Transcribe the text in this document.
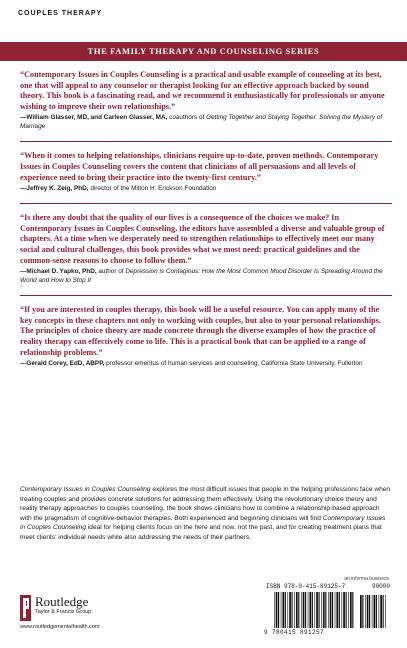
COUPLES THERAPY
THE FAMILY THERAPY AND COUNSELING SERIES

“Contemporary Issues in Couples Counseling is a practical and usable example of counseling at its best, one that will appeal to any counselor or therapist looking for an effective approach backed by sound theory. This book is a fascinating read, and we recommend it enthusiastically for professionals or anyone wishing to improve their own relationships.”

—William Glasser, MD, and Carleen Glasser, MA, coauthors of Getting Together and Staying Together: Solving the Mystery of Marriage

“When it comes to helping relationships, clinicians require up-to-date, proven methods. Contemporary Issues in Couples Counseling covers the content that clinicians of all persuasions and all levels of experience need to bring their practice into the twenty-first century.”

—Jeffrey K. Zeig, PhD, director of the Milton H. Erickson Foundation

“Is there any doubt that the quality of our lives is a consequence of the choices we make? In Contemporary Issues in Couples Counseling, the editors have assembled a diverse and valuable group of chapters. At a time when we desperately need to strengthen relationships to effectively meet our many social and cultural challenges, this book provides what we most need: practical guidelines and the common-sense reasons to choose to follow them.”

—Michael D. Yapko, PhD, author of Depression is Contagious: How the Most Common Mood Disorder Is Spreading Around the World and How to Stop It

“If you are interested in couples therapy, this book will be a useful resource. You can apply many of the key concepts in these chapters not only to working with couples, but also to your personal relationships. The principles of choice theory are made concrete through the diverse examples of how the practice of reality therapy can effectively come to life. This is a practical book that can be applied to a range of relationship problems.”

—Gerald Corey, EdD, ABPP, professor emeritus of human services and counseling, California State University, Fullerton
Contemporary Issues in Couples Counseling explores the most difficult issues that people in the helping professions face when treating couples and provides concrete solutions for addressing them effectively. Using the revolutionary choice theory and reality therapy approaches to couples counseling, the book shows clinicians how to combine a relationship-based approach with the pragmatism of cognitive-behavior therapies. Both experienced and beginning clinicians will find Contemporary Issues in Couples Counseling ideal for helping clients focus on the here and now, not the past, and for creating treatment plans that meet clients’ individual needs while also addressing the needs of their partners.
an informa business
Routledge
Taylor & Francis Group
www.routledgementalhealth.com
ISBN 978-0-415-89125-7	90000
9 780415 891257
